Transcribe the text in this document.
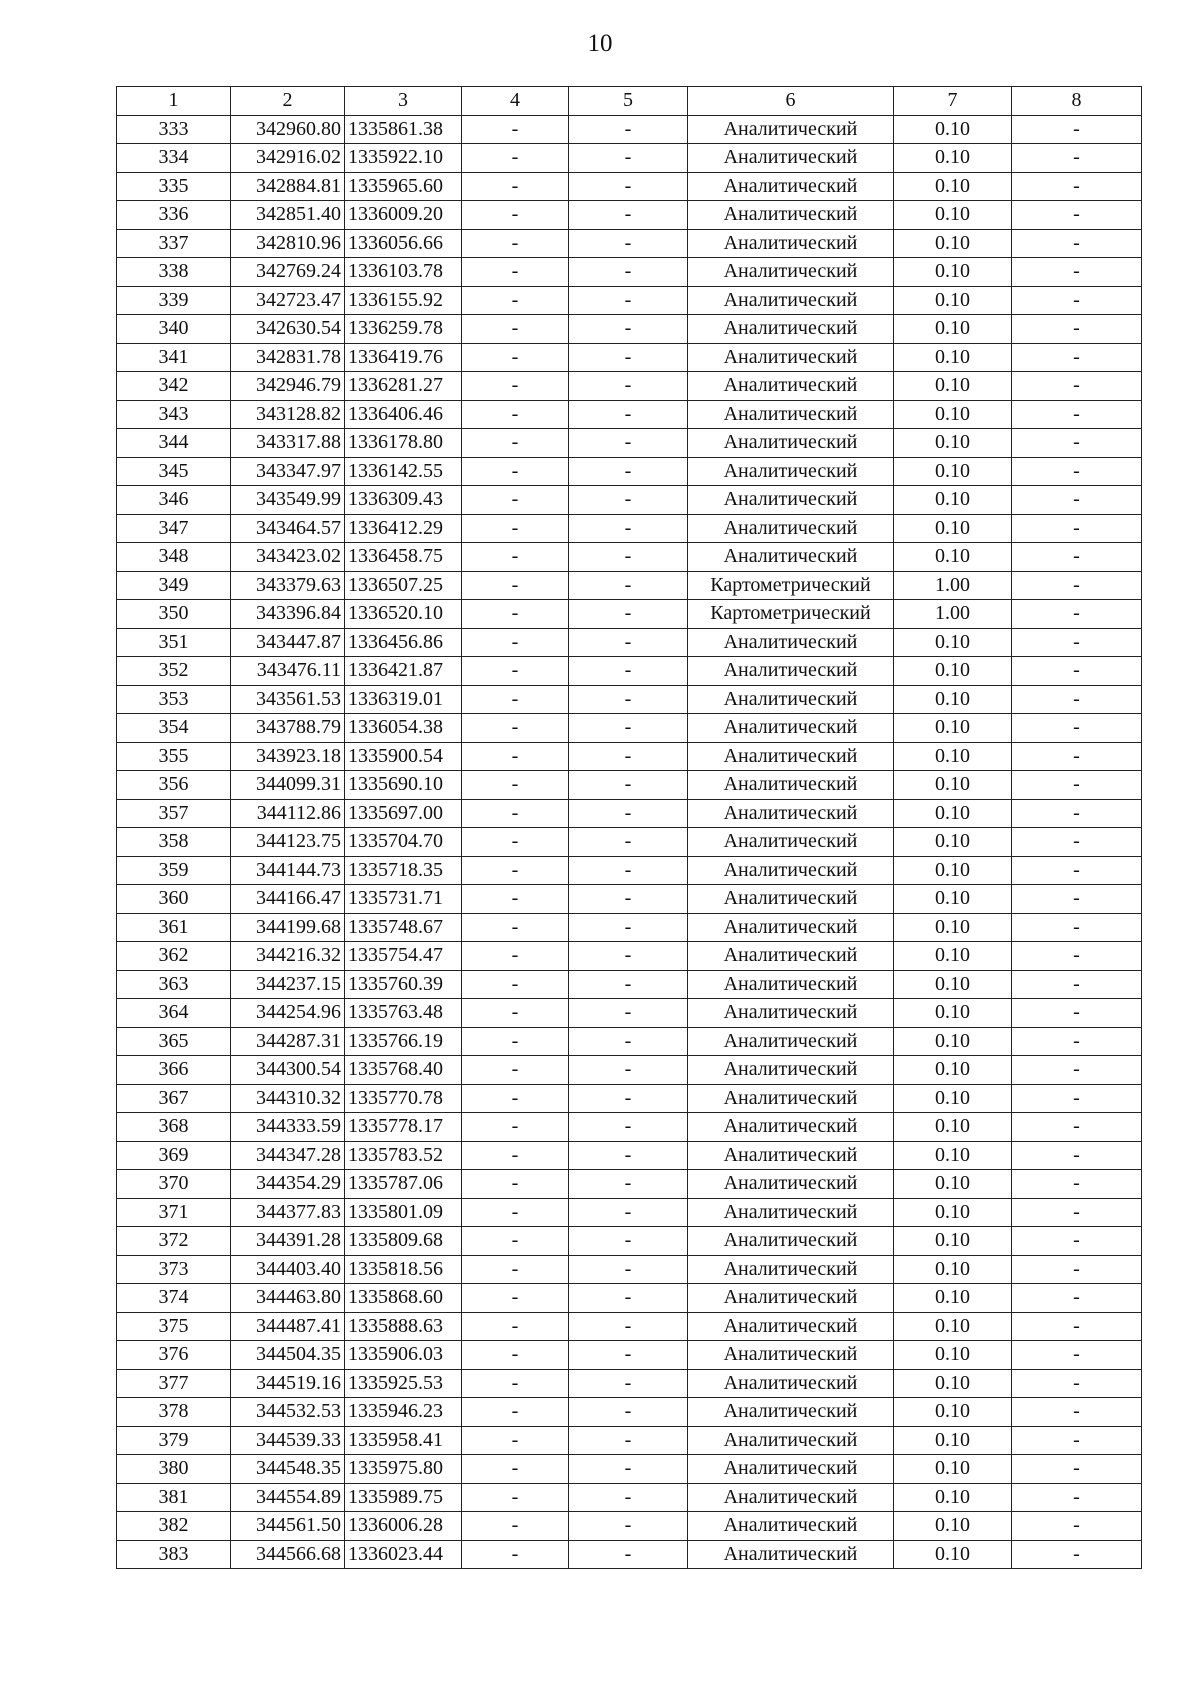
10
1	2	3	4	5	6	7	8
333	342960.80	1335861.38	-	-	Аналитический	0.10	-
334	342916.02	1335922.10	-	-	Аналитический	0.10	-
335	342884.81	1335965.60	-	-	Аналитический	0.10	-
336	342851.40	1336009.20	-	-	Аналитический	0.10	-
337	342810.96	1336056.66	-	-	Аналитический	0.10	-
338	342769.24	1336103.78	-	-	Аналитический	0.10	-
339	342723.47	1336155.92	-	-	Аналитический	0.10	-
340	342630.54	1336259.78	-	-	Аналитический	0.10	-
341	342831.78	1336419.76	-	-	Аналитический	0.10	-
342	342946.79	1336281.27	-	-	Аналитический	0.10	-
343	343128.82	1336406.46	-	-	Аналитический	0.10	-
344	343317.88	1336178.80	-	-	Аналитический	0.10	-
345	343347.97	1336142.55	-	-	Аналитический	0.10	-
346	343549.99	1336309.43	-	-	Аналитический	0.10	-
347	343464.57	1336412.29	-	-	Аналитический	0.10	-
348	343423.02	1336458.75	-	-	Аналитический	0.10	-
349	343379.63	1336507.25	-	-	Картометрический	1.00	-
350	343396.84	1336520.10	-	-	Картометрический	1.00	-
351	343447.87	1336456.86	-	-	Аналитический	0.10	-
352	343476.11	1336421.87	-	-	Аналитический	0.10	-
353	343561.53	1336319.01	-	-	Аналитический	0.10	-
354	343788.79	1336054.38	-	-	Аналитический	0.10	-
355	343923.18	1335900.54	-	-	Аналитический	0.10	-
356	344099.31	1335690.10	-	-	Аналитический	0.10	-
357	344112.86	1335697.00	-	-	Аналитический	0.10	-
358	344123.75	1335704.70	-	-	Аналитический	0.10	-
359	344144.73	1335718.35	-	-	Аналитический	0.10	-
360	344166.47	1335731.71	-	-	Аналитический	0.10	-
361	344199.68	1335748.67	-	-	Аналитический	0.10	-
362	344216.32	1335754.47	-	-	Аналитический	0.10	-
363	344237.15	1335760.39	-	-	Аналитический	0.10	-
364	344254.96	1335763.48	-	-	Аналитический	0.10	-
365	344287.31	1335766.19	-	-	Аналитический	0.10	-
366	344300.54	1335768.40	-	-	Аналитический	0.10	-
367	344310.32	1335770.78	-	-	Аналитический	0.10	-
368	344333.59	1335778.17	-	-	Аналитический	0.10	-
369	344347.28	1335783.52	-	-	Аналитический	0.10	-
370	344354.29	1335787.06	-	-	Аналитический	0.10	-
371	344377.83	1335801.09	-	-	Аналитический	0.10	-
372	344391.28	1335809.68	-	-	Аналитический	0.10	-
373	344403.40	1335818.56	-	-	Аналитический	0.10	-
374	344463.80	1335868.60	-	-	Аналитический	0.10	-
375	344487.41	1335888.63	-	-	Аналитический	0.10	-
376	344504.35	1335906.03	-	-	Аналитический	0.10	-
377	344519.16	1335925.53	-	-	Аналитический	0.10	-
378	344532.53	1335946.23	-	-	Аналитический	0.10	-
379	344539.33	1335958.41	-	-	Аналитический	0.10	-
380	344548.35	1335975.80	-	-	Аналитический	0.10	-
381	344554.89	1335989.75	-	-	Аналитический	0.10	-
382	344561.50	1336006.28	-	-	Аналитический	0.10	-
383	344566.68	1336023.44	-	-	Аналитический	0.10	-
